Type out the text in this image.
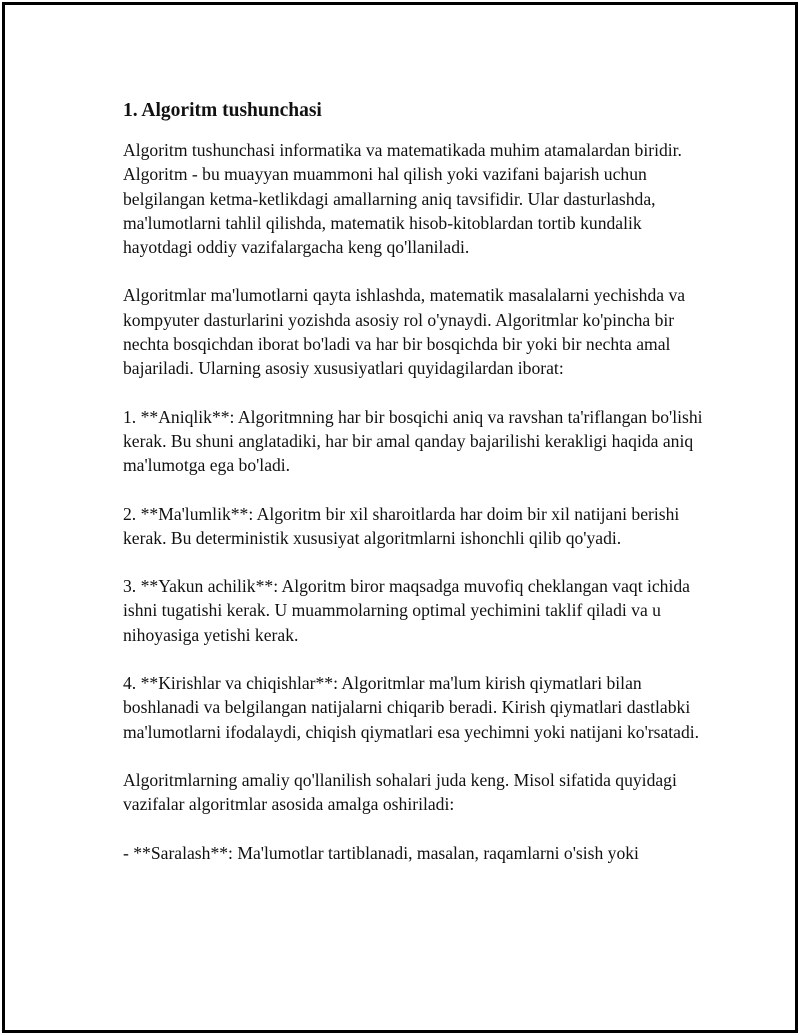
1. Algoritm tushunchasi

Algoritm tushunchasi informatika va matematikada muhim atamalardan biridir. Algoritm - bu muayyan muammoni hal qilish yoki vazifani bajarish uchun belgilangan ketma-ketlikdagi amallarning aniq tavsifidir. Ular dasturlashda, ma'lumotlarni tahlil qilishda, matematik hisob-kitoblardan tortib kundalik hayotdagi oddiy vazifalargacha keng qo'llaniladi.

Algoritmlar ma'lumotlarni qayta ishlashda, matematik masalalarni yechishda va kompyuter dasturlarini yozishda asosiy rol o'ynaydi. Algoritmlar ko'pincha bir nechta bosqichdan iborat bo'ladi va har bir bosqichda bir yoki bir nechta amal bajariladi. Ularning asosiy xususiyatlari quyidagilardan iborat:

1. **Aniqlik**: Algoritmning har bir bosqichi aniq va ravshan ta'riflangan bo'lishi kerak. Bu shuni anglatadiki, har bir amal qanday bajarilishi kerakligi haqida aniq ma'lumotga ega bo'ladi.

2. **Ma'lumlik**: Algoritm bir xil sharoitlarda har doim bir xil natijani berishi kerak. Bu deterministik xususiyat algoritmlarni ishonchli qilib qo'yadi.

3. **Yakun achilik**: Algoritm biror maqsadga muvofiq cheklangan vaqt ichida ishni tugatishi kerak. U muammolarning optimal yechimini taklif qiladi va u nihoyasiga yetishi kerak.

4. **Kirishlar va chiqishlar**: Algoritmlar ma'lum kirish qiymatlari bilan boshlanadi va belgilangan natijalarni chiqarib beradi. Kirish qiymatlari dastlabki ma'lumotlarni ifodalaydi, chiqish qiymatlari esa yechimni yoki natijani ko'rsatadi.

Algoritmlarning amaliy qo'llanilish sohalari juda keng. Misol sifatida quyidagi vazifalar algoritmlar asosida amalga oshiriladi:

- **Saralash**: Ma'lumotlar tartiblanadi, masalan, raqamlarni o'sish yoki
